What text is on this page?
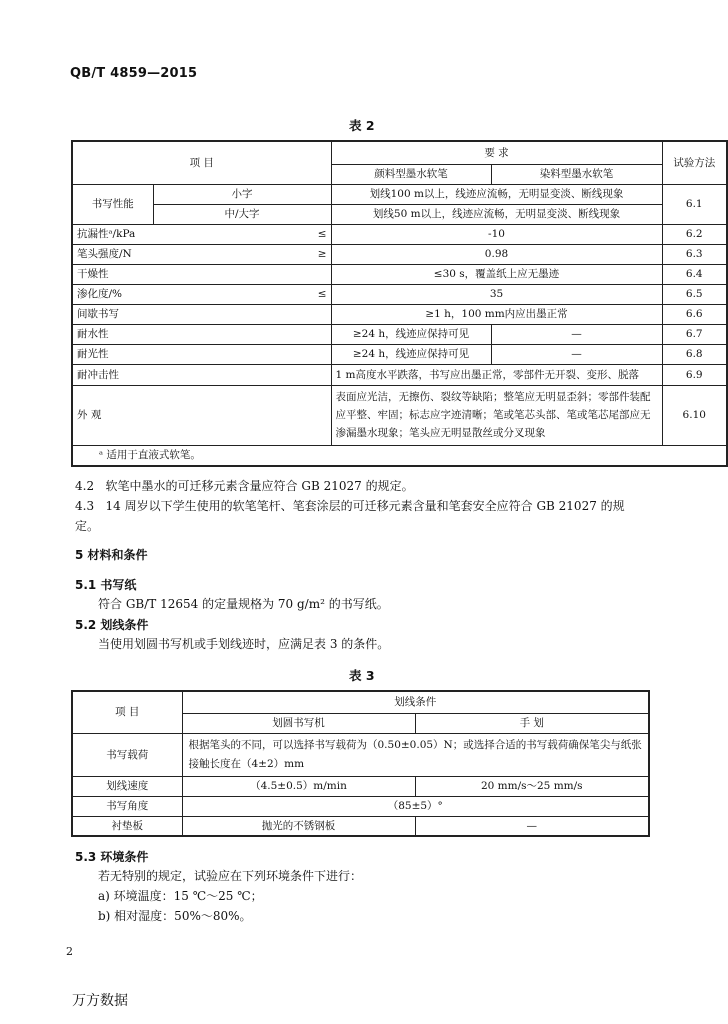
QB/T 4859—2015
表 2
项 目			要 求		试验方法
			颜料型墨水软笔	染料型墨水软笔	
书写性能	小字		划线100 m以上，线迹应流畅，无明显变淡、断线现象		6.1
	中/大字		划线50 m以上，线迹应流畅，无明显变淡、断线现象		
抗漏性ᵃ/kPa		≤	-10		6.2
笔头强度/N		≥	0.98		6.3
干燥性			≤30 s，覆盖纸上应无墨迹		6.4
渗化度/%		≤	35		6.5
间歇书写			≥1 h，100 mm内应出墨正常		6.6
耐水性			≥24 h，线迹应保持可见	—	6.7
耐光性			≥24 h，线迹应保持可见	—	6.8
耐冲击性			1 m高度水平跌落，书写应出墨正常，零部件无开裂、变形、脱落		6.9
外 观			表面应光洁，无擦伤、裂纹等缺陷；整笔应无明显歪斜；零部件装配应平整、牢固；标志应字迹清晰；笔或笔芯头部、笔或笔芯尾部应无渗漏墨水现象；笔头应无明显散丝或分叉现象		6.10
ᵃ 适用于直液式软笔。					
4.2 软笔中墨水的可迁移元素含量应符合 GB 21027 的规定。
4.3 14 周岁以下学生使用的软笔笔杆、笔套涂层的可迁移元素含量和笔套安全应符合 GB 21027 的规
定。
5 材料和条件
5.1 书写纸
符合 GB/T 12654 的定量规格为 70 g/m² 的书写纸。
5.2 划线条件
当使用划圆书写机或手划线迹时，应满足表 3 的条件。
表 3
项 目	划线条件	
	划圆书写机	手 划
书写载荷	根据笔头的不同，可以选择书写载荷为（0.50±0.05）N；或选择合适的书写载荷确保笔尖与纸张接触长度在（4±2）mm	
划线速度	（4.5±0.5）m/min	20 mm/s～25 mm/s
书写角度	（85±5）°	
衬垫板	抛光的不锈钢板	—
5.3 环境条件
若无特别的规定，试验应在下列环境条件下进行：
a) 环境温度：15 ℃～25 ℃；
b) 相对湿度：50%～80%。
2
万方数据
